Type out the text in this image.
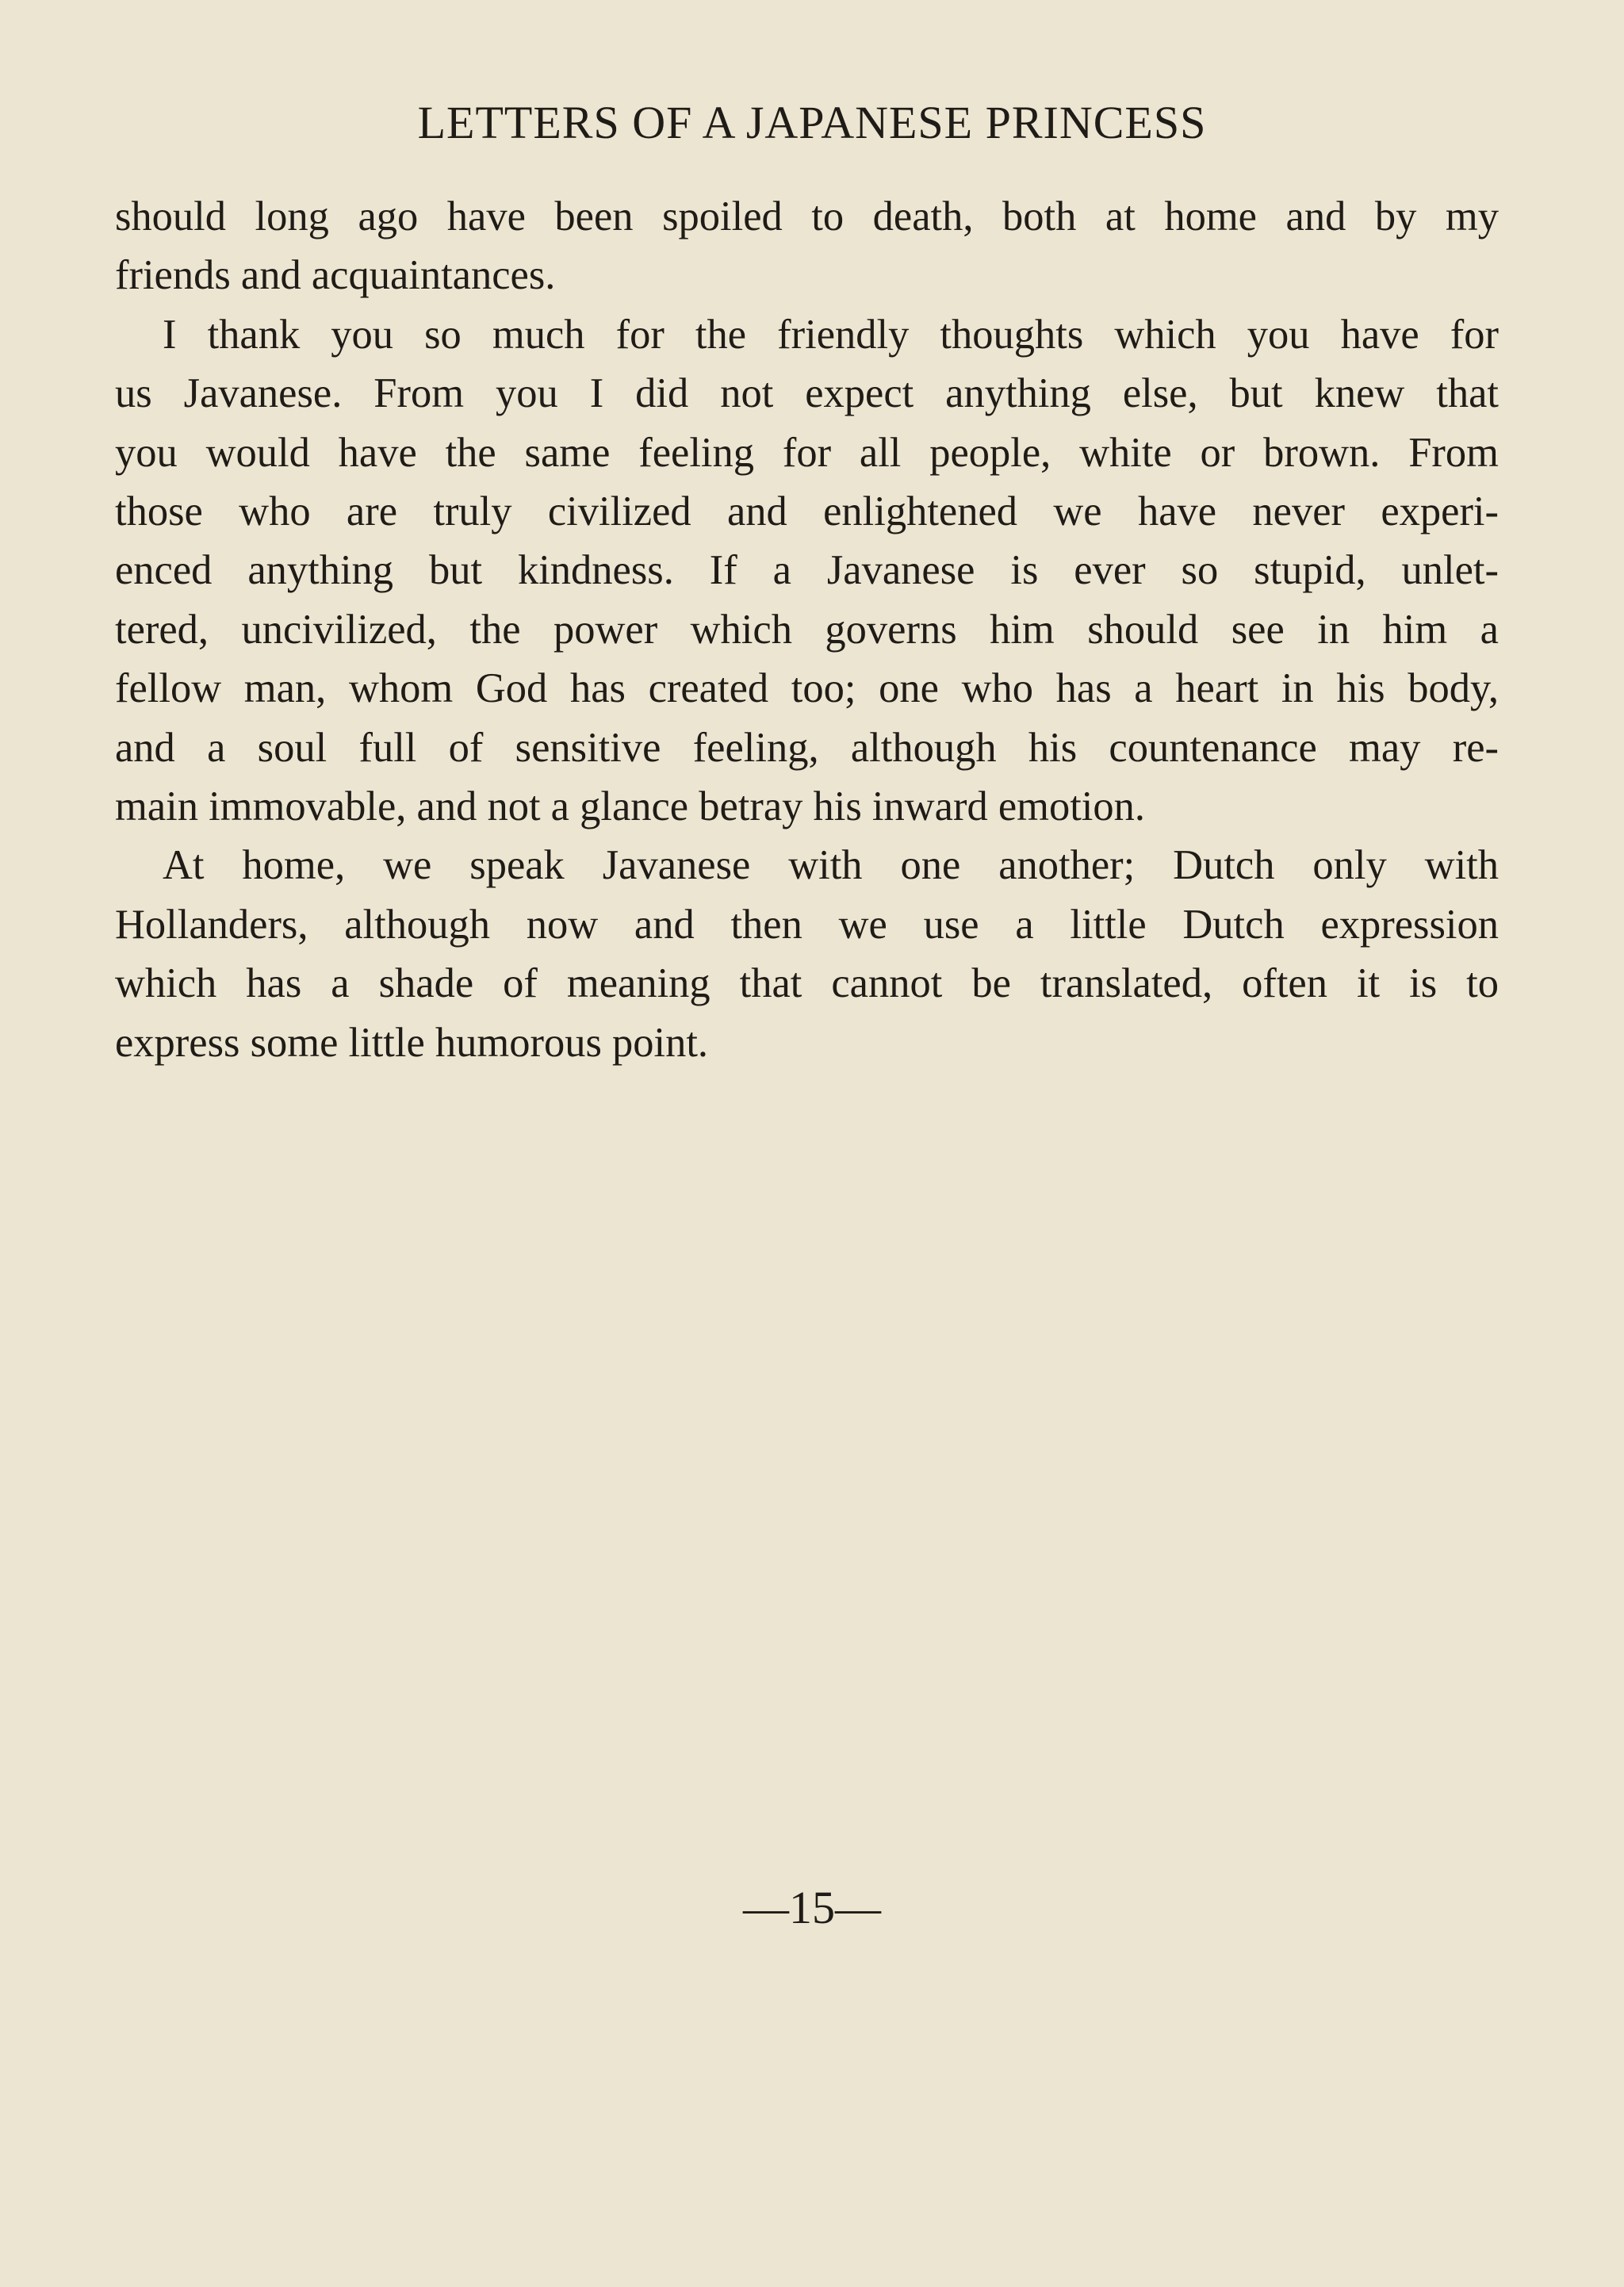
LETTERS OF A JAPANESE PRINCESS

should long ago have been spoiled to death, both at home and by my
friends and acquaintances.

I thank you so much for the friendly thoughts which you have for
us Javanese. From you I did not expect anything else, but knew that
you would have the same feeling for all people, white or brown. From
those who are truly civilized and enlightened we have never experi-
enced anything but kindness. If a Javanese is ever so stupid, unlet-
tered, uncivilized, the power which governs him should see in him a
fellow man, whom God has created too; one who has a heart in his body,
and a soul full of sensitive feeling, although his countenance may re-
main immovable, and not a glance betray his inward emotion.

At home, we speak Javanese with one another; Dutch only with
Hollanders, although now and then we use a little Dutch expression
which has a shade of meaning that cannot be translated, often it is to
express some little humorous point.

—15—
